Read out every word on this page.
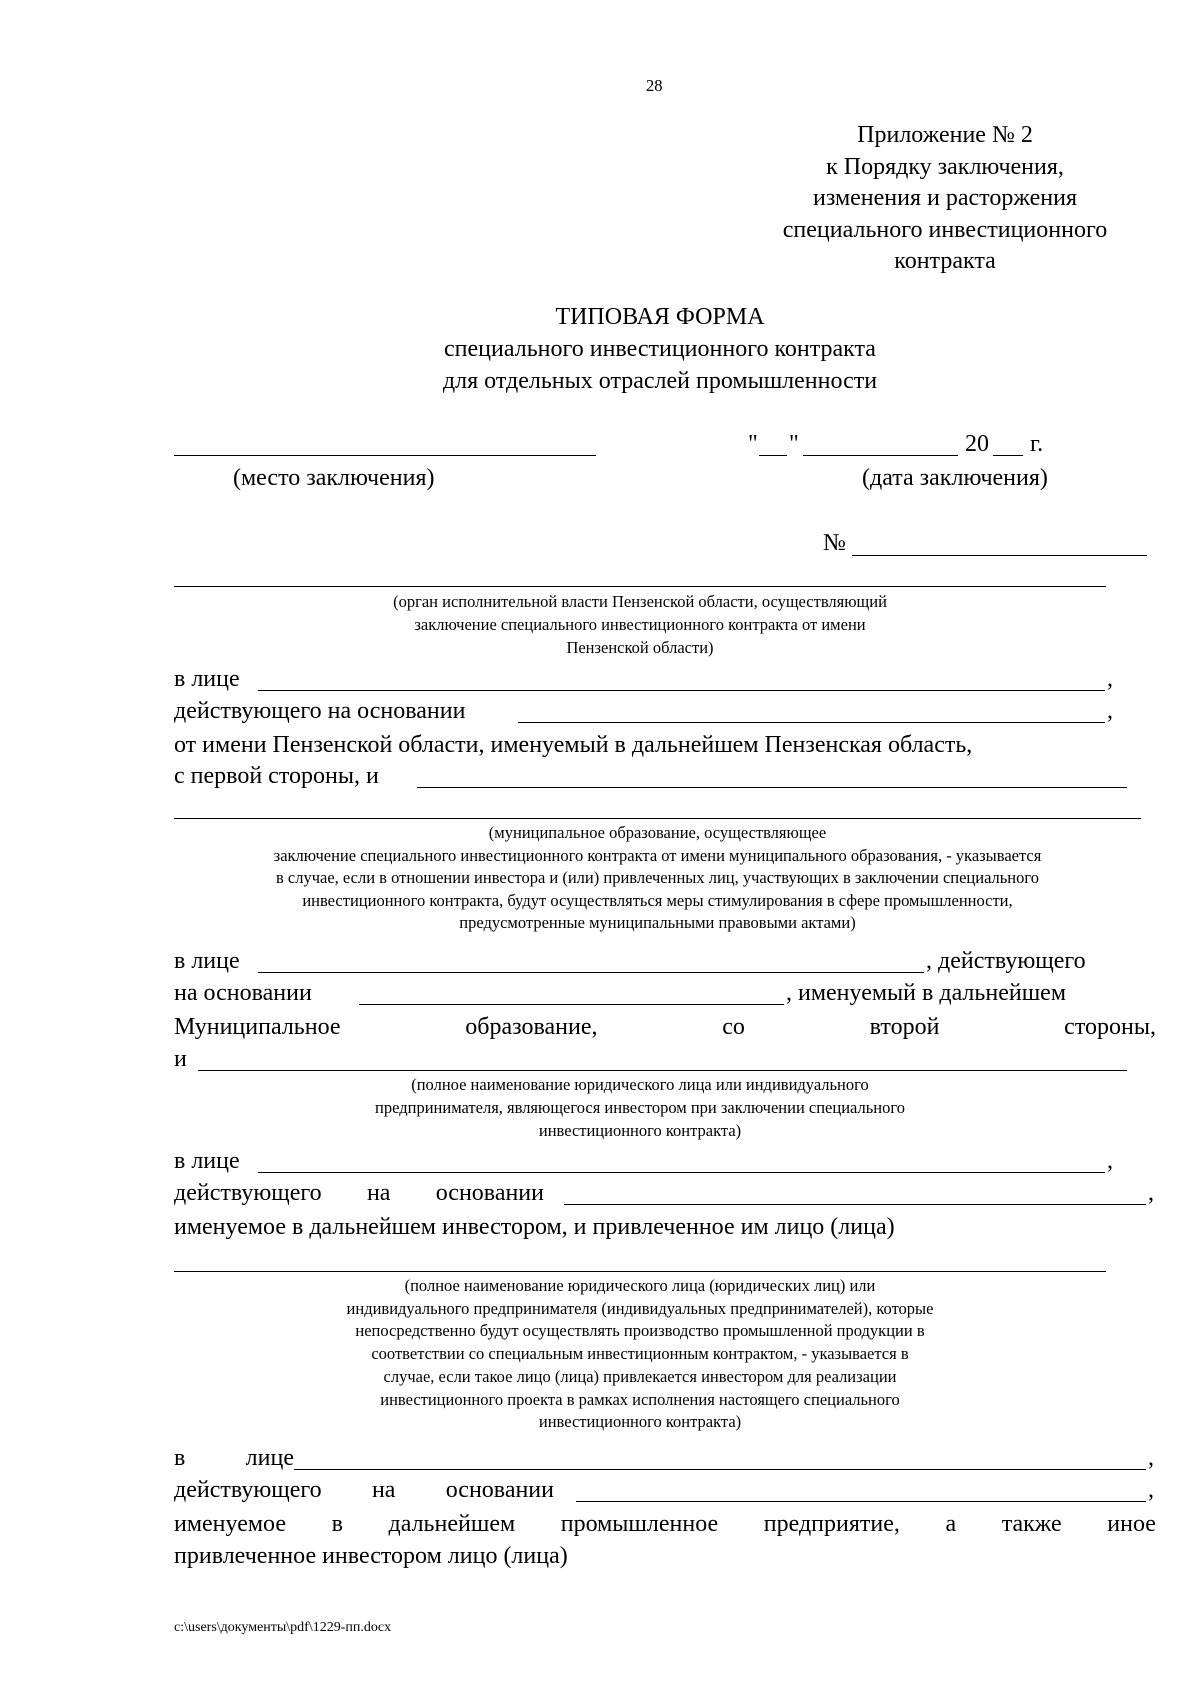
28
Приложение № 2
к Порядку заключения,
изменения и расторжения
специального инвестиционного
контракта
ТИПОВАЯ ФОРМА
специального инвестиционного контракта
для отдельных отраслей промышленности
" "	20 г.
(место заключения)	(дата заключения)
№
(орган исполнительной власти Пензенской области, осуществляющий
заключение специального инвестиционного контракта от имени
Пензенской области)
в лице	,
действующего на основании	,
от имени Пензенской области, именуемый в дальнейшем Пензенская область,
с первой стороны, и
(муниципальное образование, осуществляющее
заключение специального инвестиционного контракта от имени муниципального образования, - указывается
в случае, если в отношении инвестора и (или) привлеченных лиц, участвующих в заключении специального
инвестиционного контракта, будут осуществляться меры стимулирования в сфере промышленности,
предусмотренные муниципальными правовыми актами)
в лице	, действующего
на основании	, именуемый в дальнейшем
Муниципальное	образование,	со	второй	стороны,
и
(полное наименование юридического лица или индивидуального
предпринимателя, являющегося инвестором при заключении специального
инвестиционного контракта)
в лице	,
действующего на основании	,
именуемое в дальнейшем инвестором, и привлеченное им лицо (лица)
(полное наименование юридического лица (юридических лиц) или
индивидуального предпринимателя (индивидуальных предпринимателей), которые
непосредственно будут осуществлять производство промышленной продукции в
соответствии со специальным инвестиционным контрактом, - указывается в
случае, если такое лицо (лица) привлекается инвестором для реализации
инвестиционного проекта в рамках исполнения настоящего специального
инвестиционного контракта)
в	лице	,
действующего на основании	,
именуемое в дальнейшем промышленное предприятие, а также иное
привлеченное инвестором лицо (лица)
c:\users\документы\pdf\1229-пп.docx
